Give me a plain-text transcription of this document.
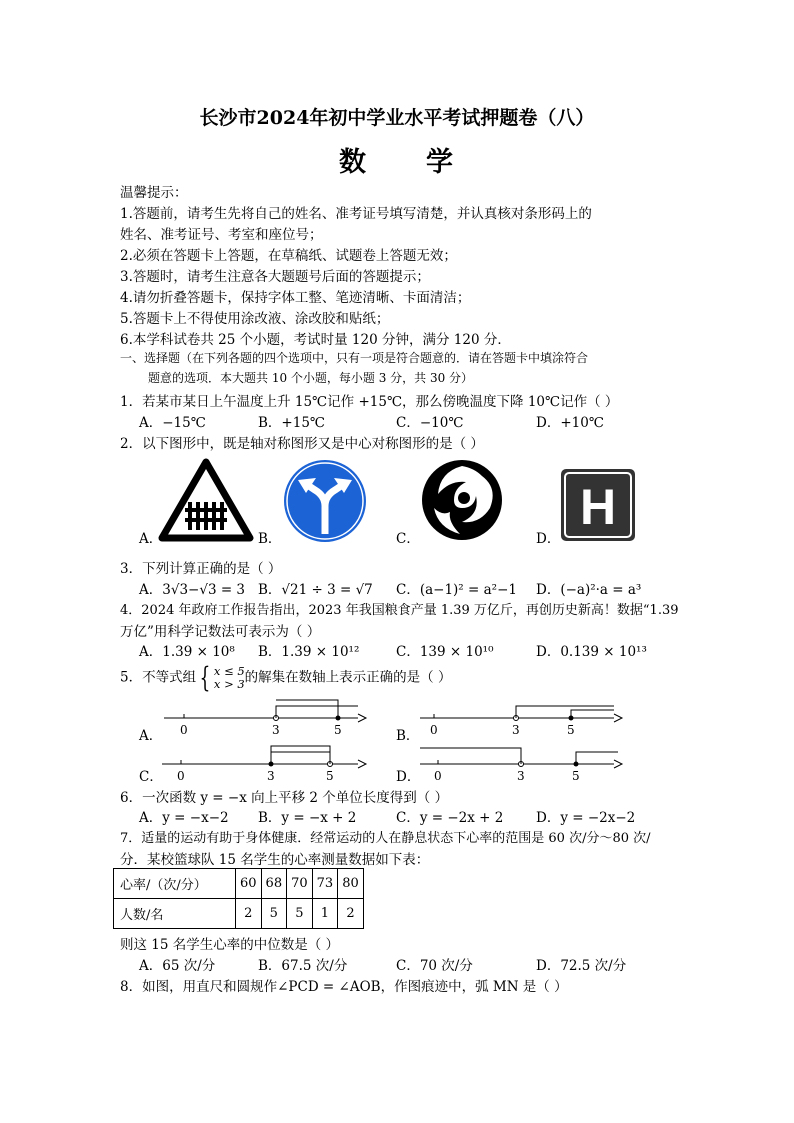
长沙市2024年初中学业水平考试押题卷（八）
数 学
温馨提示：
1.答题前，请考生先将自己的姓名、准考证号填写清楚，并认真核对条形码上的
姓名、准考证号、考室和座位号；
2.必须在答题卡上答题，在草稿纸、试题卷上答题无效；
3.答题时，请考生注意各大题题号后面的答题提示；
4.请勿折叠答题卡，保持字体工整、笔迹清晰、卡面清洁；
5.答题卡上不得使用涂改液、涂改胶和贴纸；
6.本学科试卷共 25 个小题，考试时量 120 分钟，满分 120 分．
一、选择题（在下列各题的四个选项中，只有一项是符合题意的．请在答题卡中填涂符合
题意的选项．本大题共 10 个小题，每小题 3 分，共 30 分）
1．若某市某日上午温度上升 15℃记作 +15℃，那么傍晚温度下降 10℃记作（ ）
A．−15℃	B．+15℃	C．−10℃	D．+10℃
2．以下图形中，既是轴对称图形又是中心对称图形的是（ ）
A．	B．	C．	D．
H
3．下列计算正确的是（ ）
A．3√3−√3 = 3 B．√21 ÷ 3 = √7 C．(a−1)² = a²−1 D．(−a)²·a = a³
4．2024 年政府工作报告指出，2023 年我国粮食产量 1.39 万亿斤，再创历史新高！数据“1.39
万亿”用科学记数法可表示为（ ）
A．1.39 × 10⁸ B．1.39 × 10¹²	C．139 × 10¹⁰	D．0.139 × 10¹³
5．不等式组 { x ≤ 5
x > 3的解集在数轴上表示正确的是（ ）
A．	B．
C．	D．
0	3	5	0	3	5
0	3	5	0	3	5
6．一次函数 y = −x 向上平移 2 个单位长度得到（ ）
A．y = −x−2 B．y = −x + 2	C．y = −2x + 2 D．y = −2x−2
7．适量的运动有助于身体健康．经常运动的人在静息状态下心率的范围是 60 次/分～80 次/
分．某校篮球队 15 名学生的心率测量数据如下表：
心率/（次/分）	60	68	70	73	80
人数/名	2	5	5	1	2
则这 15 名学生心率的中位数是（ ）
A．65 次/分	B．67.5 次/分	C．70 次/分	D．72.5 次/分
8．如图，用直尺和圆规作∠PCD = ∠AOB，作图痕迹中，弧 MN 是（ ）
